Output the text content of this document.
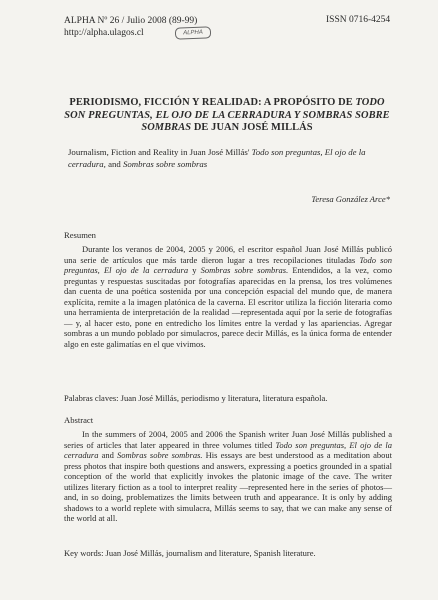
ALPHA Nº 26 / Julio 2008 (89-99)
http://alpha.ulagos.cl
ISSN 0716-4254
ALPHA
PERIODISMO, FICCIÓN Y REALIDAD: A PROPÓSITO DE TODO SON PREGUNTAS, EL OJO DE LA CERRADURA Y SOMBRAS SOBRE SOMBRAS DE JUAN JOSÉ MILLÁS
Journalism, Fiction and Reality in Juan José Millás' Todo son preguntas, El ojo de la cerradura, and Sombras sobre sombras
Teresa González Arce*
Resumen
Durante los veranos de 2004, 2005 y 2006, el escritor español Juan José Millás publicó una serie de artículos que más tarde dieron lugar a tres recopilaciones tituladas Todo son preguntas, El ojo de la cerradura y Sombras sobre sombras. Entendidos, a la vez, como preguntas y respuestas suscitadas por fotografías aparecidas en la prensa, los tres volúmenes dan cuenta de una poética sostenida por una concepción espacial del mundo que, de manera explícita, remite a la imagen platónica de la caverna. El escritor utiliza la ficción literaria como una herramienta de interpretación de la realidad —representada aquí por la serie de fotografías— y, al hacer esto, pone en entredicho los límites entre la verdad y las apariencias. Agregar sombras a un mundo poblado por simulacros, parece decir Millás, es la única forma de entender algo en este galimatías en el que vivimos.
Palabras claves: Juan José Millás, periodismo y literatura, literatura española.
Abstract
In the summers of 2004, 2005 and 2006 the Spanish writer Juan José Millás published a series of articles that later appeared in three volumes titled Todo son preguntas, El ojo de la cerradura and Sombras sobre sombras. His essays are best understood as a meditation about press photos that inspire both questions and answers, expressing a poetics grounded in a spatial conception of the world that explicitly invokes the platonic image of the cave. The writer utilizes literary fiction as a tool to interpret reality —represented here in the series of photos— and, in so doing, problematizes the limits between truth and appearance. It is only by adding shadows to a world replete with simulacra, Millás seems to say, that we can make any sense of the world at all.
Key words: Juan José Millás, journalism and literature, Spanish literature.
